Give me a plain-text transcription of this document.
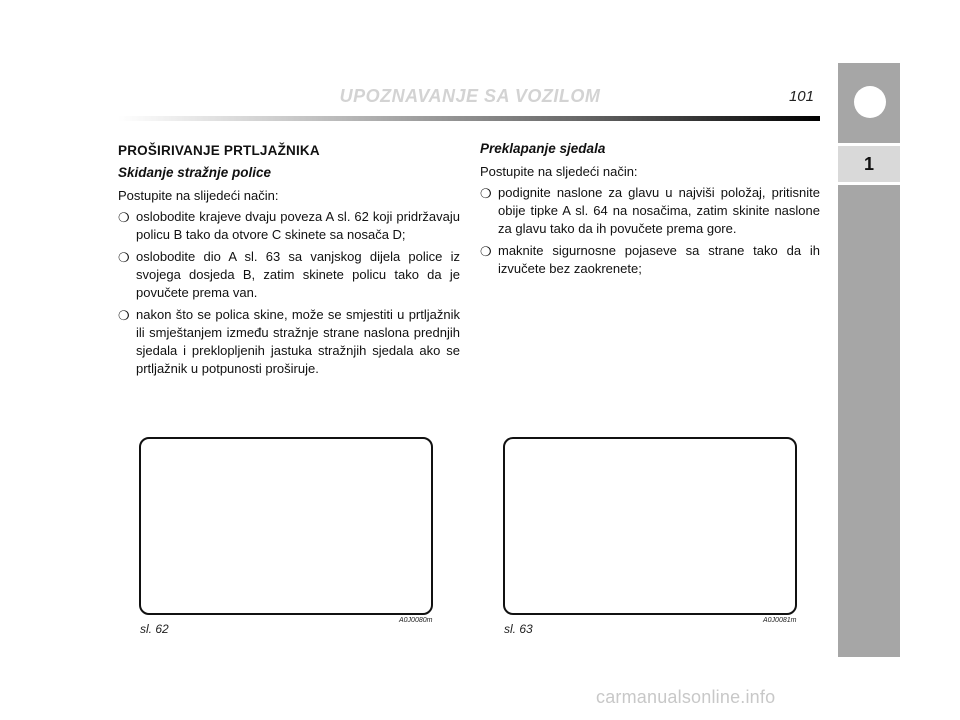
UPOZNAVANJE SA VOZILOM	101
1
PROŠIRIVANJE PRTLJAŽNIKA
Skidanje stražnje police
Postupite na slijedeći način:
❍ oslobodite krajeve dvaju poveza A sl. 62 koji pridržavaju policu B tako da otvore C skinete sa nosača D;
❍ oslobodite dio A sl. 63 sa vanjskog dijela police iz svojega dosjeda B, zatim skinete policu tako da je povučete prema van.
❍ nakon što se polica skine, može se smjestiti u prtljažnik ili smještanjem između stražnje strane naslona prednjih sjedala i preklopljenih jastuka stražnjih sjedala ako se prtljažnik u potpunosti proširuje.
Preklapanje sjedala
Postupite na sljedeći način:
❍ podignite naslone za glavu u najviši položaj, pritisnite obije tipke A sl. 64 na nosačima, zatim skinite naslone za glavu tako da ih povučete prema gore.
❍ maknite sigurnosne pojaseve sa strane tako da ih izvučete bez zaokrenete;
A0J0080m
sl. 62
A0J0081m
sl. 63
carmanualsonline.info
